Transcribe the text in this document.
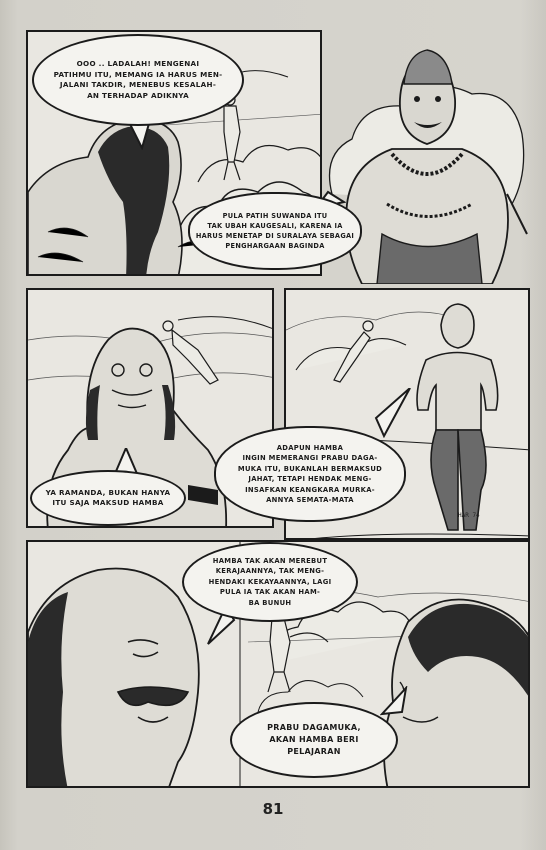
OOO .. LADALAH! MENGENAI
PATIHMU ITU, MEMANG IA HARUS MEN-
JALANI TAKDIR, MENEBUS KESALAH-
AN TERHADAP ADIKNYA
PULA PATIH SUWANDA ITU
TAK UBAH KAUGESALI, KARENA IA
HARUS MENETAP DI SURALAYA SEBAGAI
PENGHARGAAN BAGINDA
YA RAMANDA, BUKAN HANYA
ITU SAJA MAKSUD HAMBA
HAR 74
ADAPUN HAMBA
INGIN MEMERANGI PRABU DAGA-
MUKA ITU, BUKANLAH BERMAKSUD
JAHAT, TETAPI HENDAK MENG-
INSAFKAN KEANGKARA MURKA-
ANNYA SEMATA-MATA
HAMBA TAK AKAN MEREBUT
KERAJAANNYA, TAK MENG-
HENDAKI KEKAYAANNYA, LAGI
PULA IA TAK AKAN HAM-
BA BUNUH
PRABU DAGAMUKA,
AKAN HAMBA BERI
PELAJARAN
81
